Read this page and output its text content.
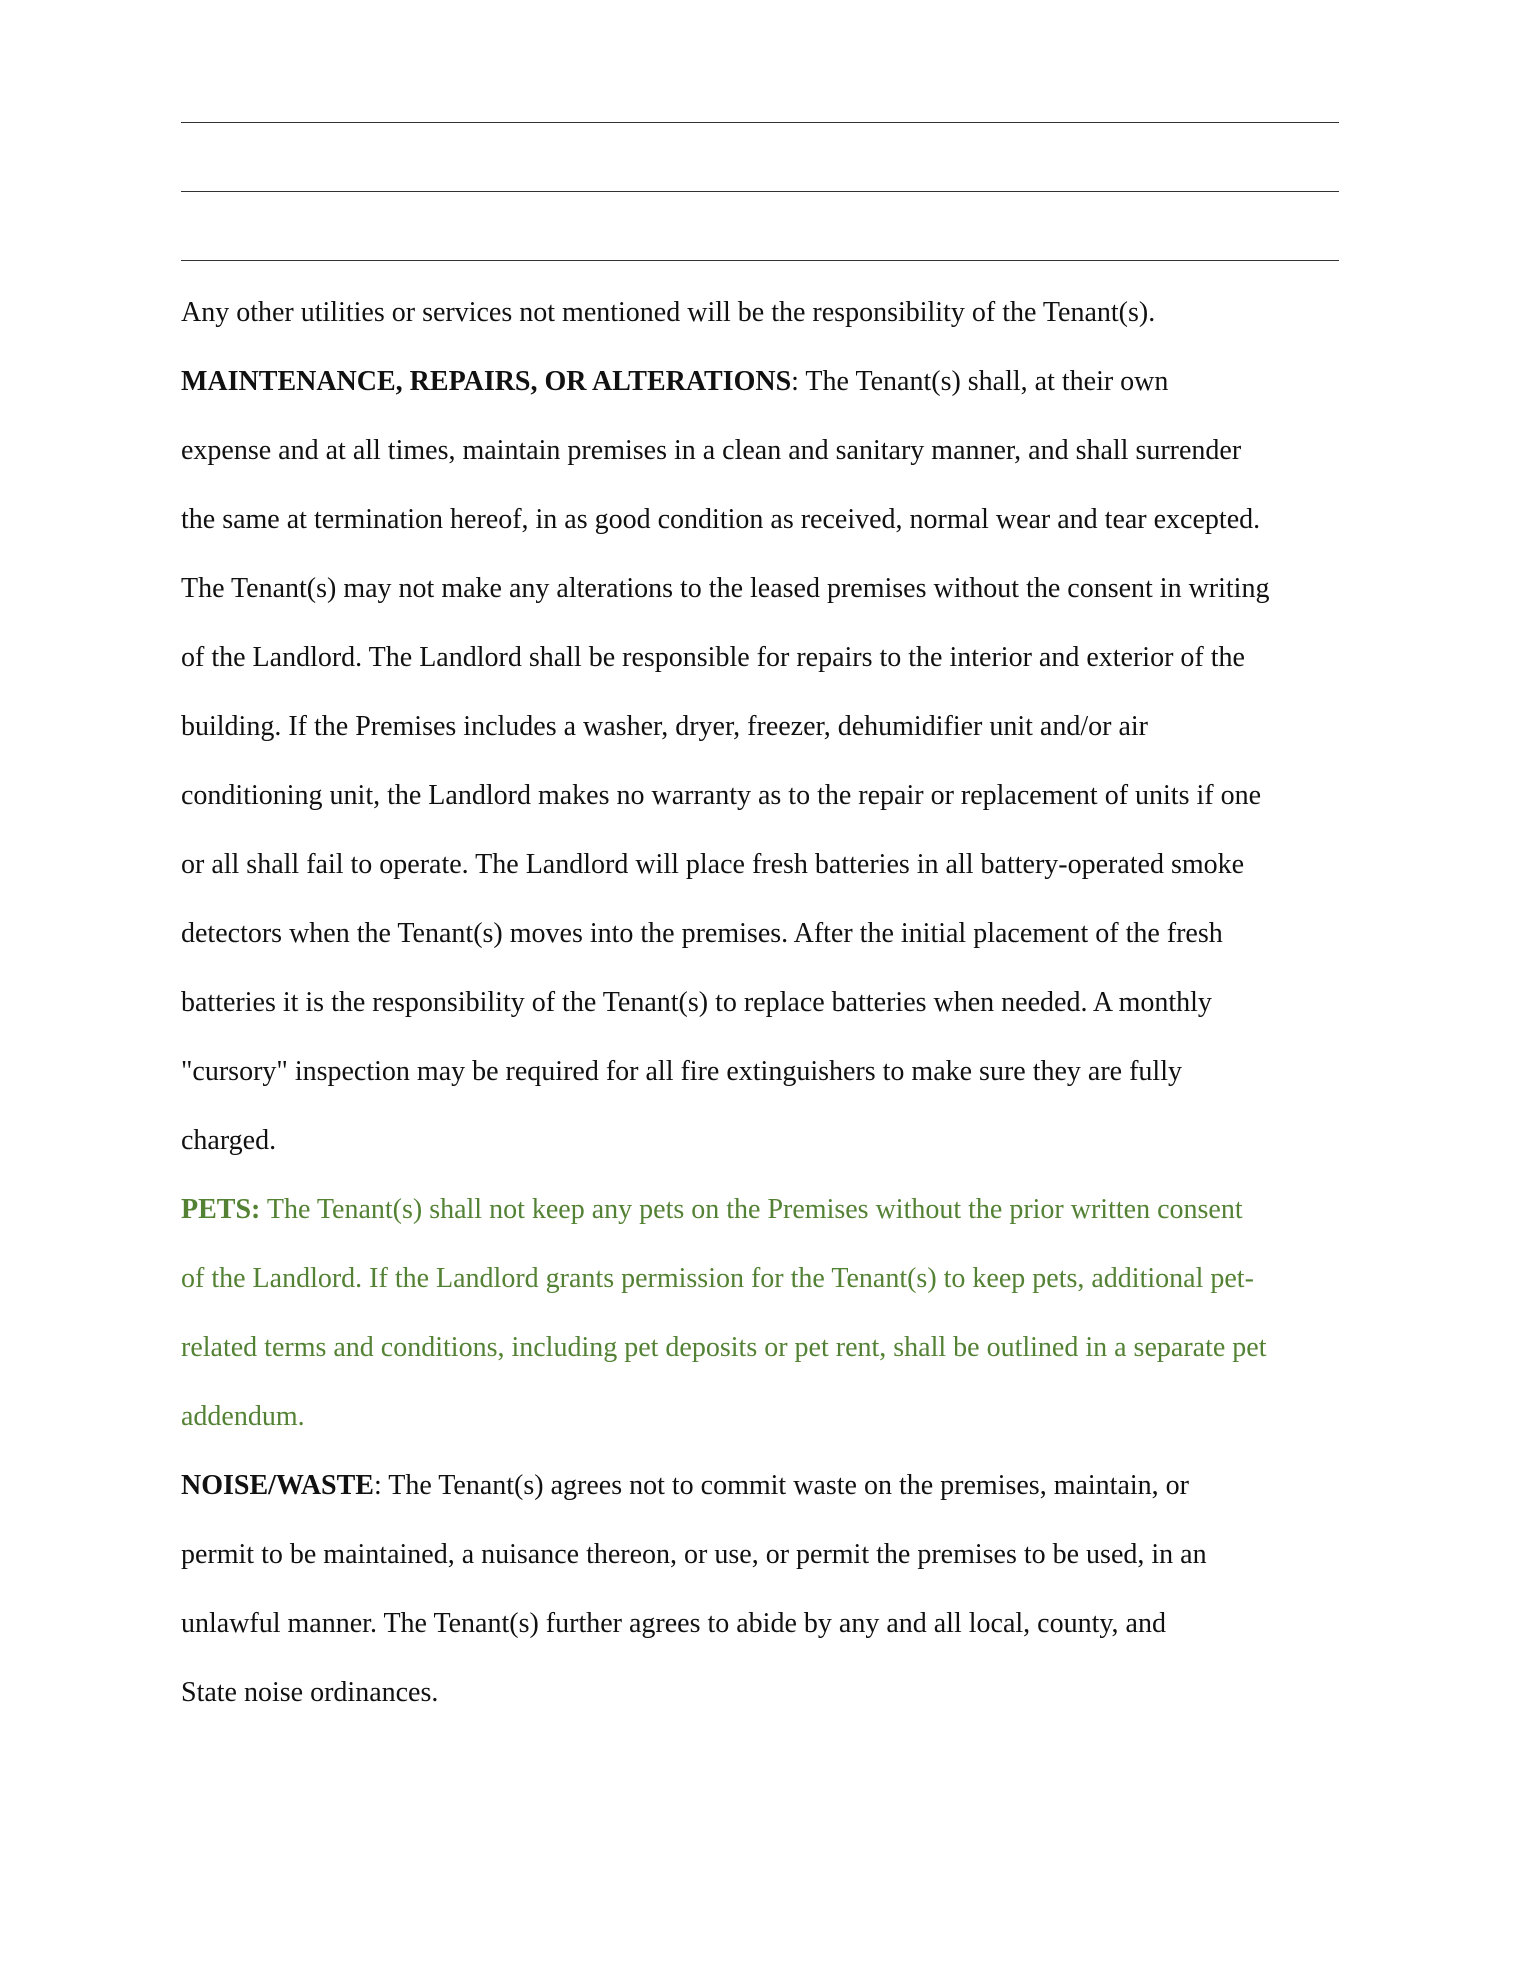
Any other utilities or services not mentioned will be the responsibility of the Tenant(s).
MAINTENANCE, REPAIRS, OR ALTERATIONS: The Tenant(s) shall, at their own
expense and at all times, maintain premises in a clean and sanitary manner, and shall surrender
the same at termination hereof, in as good condition as received, normal wear and tear excepted.
The Tenant(s) may not make any alterations to the leased premises without the consent in writing
of the Landlord. The Landlord shall be responsible for repairs to the interior and exterior of the
building. If the Premises includes a washer, dryer, freezer, dehumidifier unit and/or air
conditioning unit, the Landlord makes no warranty as to the repair or replacement of units if one
or all shall fail to operate. The Landlord will place fresh batteries in all battery-operated smoke
detectors when the Tenant(s) moves into the premises. After the initial placement of the fresh
batteries it is the responsibility of the Tenant(s) to replace batteries when needed. A monthly
"cursory" inspection may be required for all fire extinguishers to make sure they are fully
charged.
PETS: The Tenant(s) shall not keep any pets on the Premises without the prior written consent
of the Landlord. If the Landlord grants permission for the Tenant(s) to keep pets, additional pet-
related terms and conditions, including pet deposits or pet rent, shall be outlined in a separate pet
addendum.
NOISE/WASTE: The Tenant(s) agrees not to commit waste on the premises, maintain, or
permit to be maintained, a nuisance thereon, or use, or permit the premises to be used, in an
unlawful manner. The Tenant(s) further agrees to abide by any and all local, county, and
State noise ordinances.
